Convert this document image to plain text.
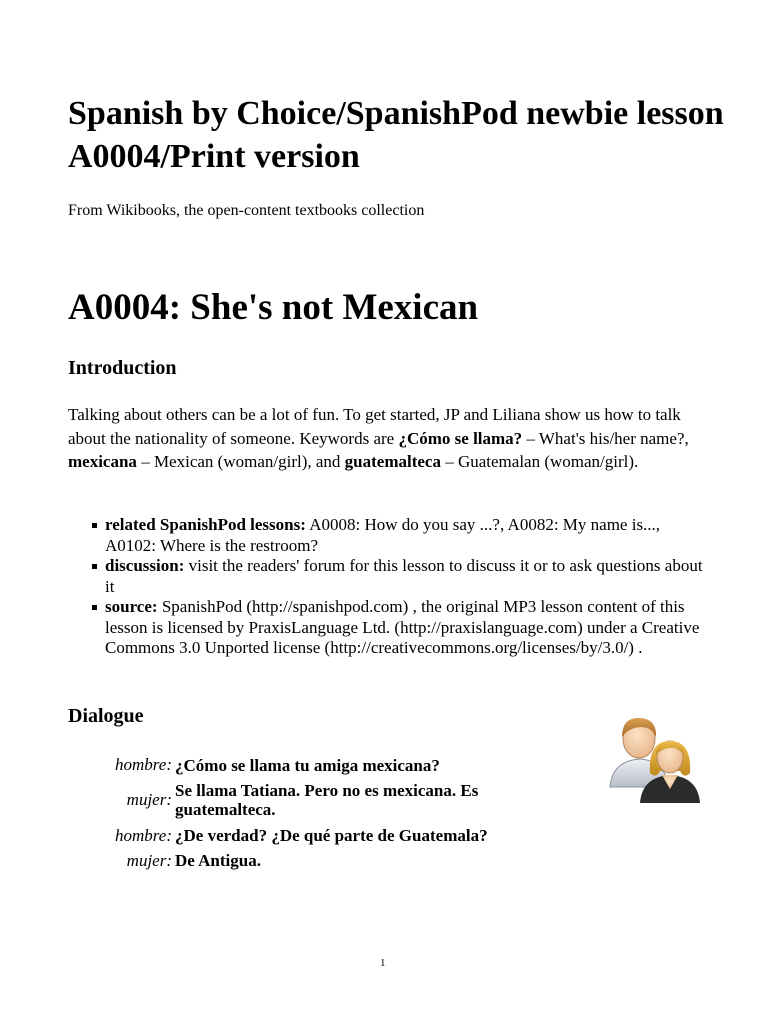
Spanish by Choice/SpanishPod newbie lesson A0004/Print version
From Wikibooks, the open-content textbooks collection
A0004: She's not Mexican
Introduction
Talking about others can be a lot of fun. To get started, JP and Liliana show us how to talk about the nationality of someone. Keywords are ¿Cómo se llama? – What's his/her name?, mexicana – Mexican (woman/girl), and guatemalteca – Guatemalan (woman/girl).
related SpanishPod lessons: A0008: How do you say ...?, A0082: My name is..., A0102: Where is the restroom?
discussion: visit the readers' forum for this lesson to discuss it or to ask questions about it
source: SpanishPod (http://spanishpod.com) , the original MP3 lesson content of this lesson is licensed by PraxisLanguage Ltd. (http://praxislanguage.com) under a Creative Commons 3.0 Unported license (http://creativecommons.org/licenses/by/3.0/) .
Dialogue
hombre:	¿Cómo se llama tu amiga mexicana?
mujer:	Se llama Tatiana. Pero no es mexicana. Es guatemalteca.
hombre:	¿De verdad? ¿De qué parte de Guatemala?
mujer:	De Antigua.
1
